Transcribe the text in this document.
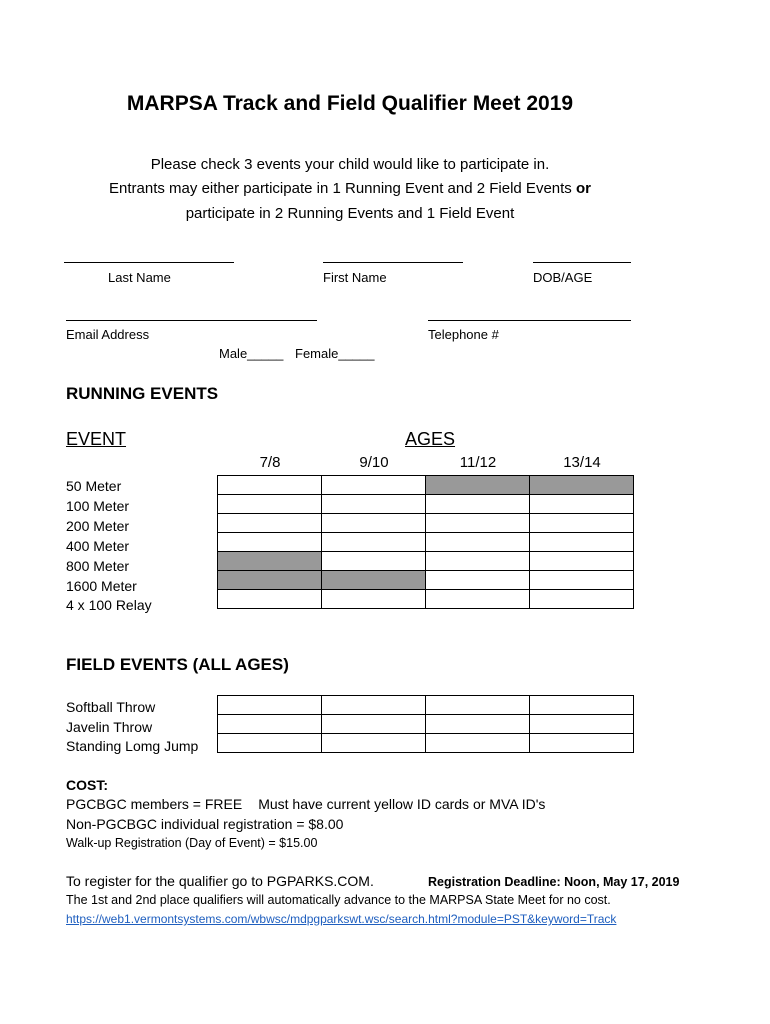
MARPSA Track and Field Qualifier Meet 2019
Please check 3 events your child would like to participate in.
Entrants may either participate in 1 Running Event and 2 Field Events or
participate in 2 Running Events and 1 Field Event
Last Name	First Name	DOB/AGE
Email Address	Telephone #
Male_____ Female_____
RUNNING EVENTS
EVENT	AGES
7/8	9/10	11/12	13/14
50 Meter
100 Meter
200 Meter
400 Meter
800 Meter
1600 Meter
4 x 100 Relay

FIELD EVENTS (ALL AGES)
Softball Throw
Javelin Throw
Standing Lomg Jump

COST:
PGCBGC members = FREE Must have current yellow ID cards or MVA ID's
Non-PGCBGC individual registration = $8.00
Walk-up Registration (Day of Event) = $15.00
To register for the qualifier go to PGPARKS.COM.	Registration Deadline: Noon, May 17, 2019
The 1st and 2nd place qualifiers will automatically advance to the MARPSA State Meet for no cost.
https://web1.vermontsystems.com/wbwsc/mdpgparkswt.wsc/search.html?module=PST&keyword=Track
